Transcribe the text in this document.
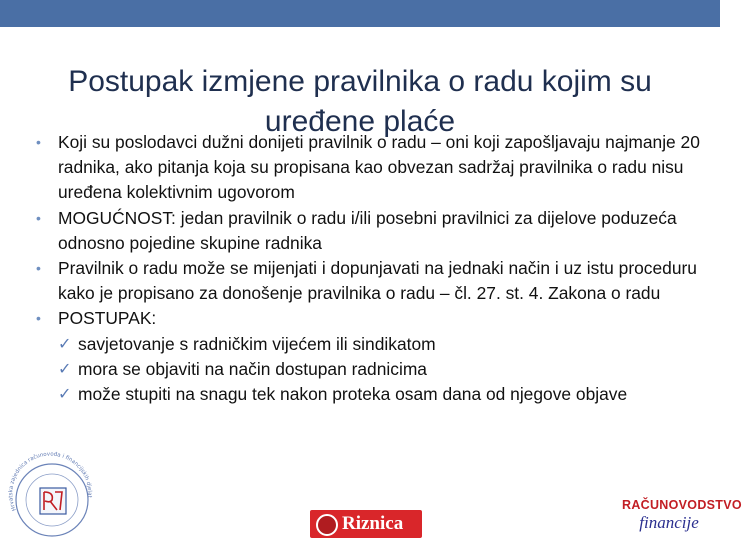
Postupak izmjene pravilnika o radu kojim su
uređene plaće
• Koji su poslodavci dužni donijeti pravilnik o radu – oni koji zapošljavaju najmanje 20 radnika, ako pitanja koja su propisana kao obvezan sadržaj pravilnika o radu nisu uređena kolektivnim ugovorom
• MOGUĆNOST: jedan pravilnik o radu i/ili posebni pravilnici za dijelove poduzeća odnosno pojedine skupine radnika
• Pravilnik o radu može se mijenjati i dopunjavati na jednaki način i uz istu proceduru kako je propisano za donošenje pravilnika o radu – čl. 27. st. 4. Zakona o radu
• POSTUPAK:
✓ savjetovanje s radničkim vijećem ili sindikatom
✓ mora se objaviti na način dostupan radnicima
✓ može stupiti na snagu tek nakon proteka osam dana od njegove objave
Hrvatska zajednica računovođa i financijskih djelat
Riznica
RAČUNOVODSTVO
financije
